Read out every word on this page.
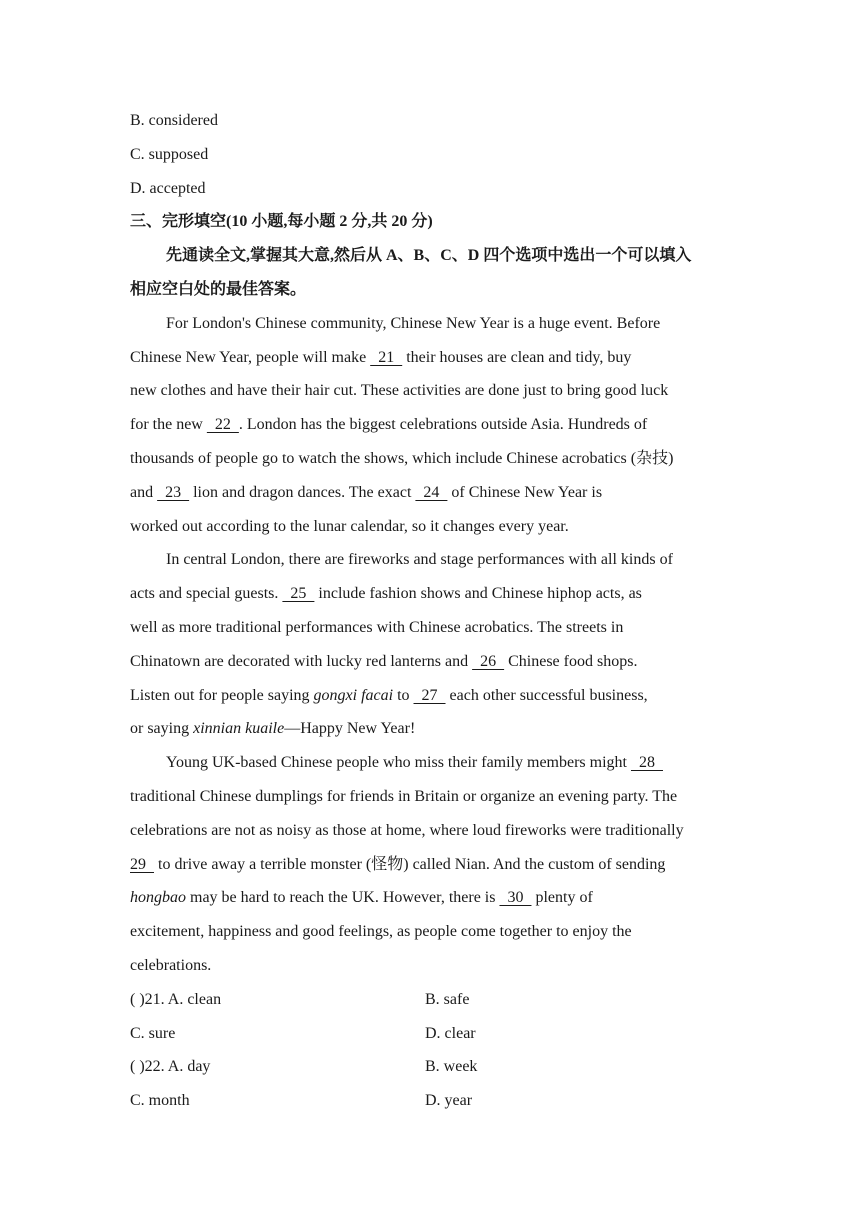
B. considered
C. supposed
D. accepted
三、完形填空(10 小题,每小题 2 分,共 20 分)
先通读全文,掌握其大意,然后从 A、B、C、D 四个选项中选出一个可以填入
相应空白处的最佳答案。
For London's Chinese community, Chinese New Year is a huge event. Before
Chinese New Year, people will make   21   their houses are clean and tidy, buy
new clothes and have their hair cut. These activities are done just to bring good luck
for the new   22  . London has the biggest celebrations outside Asia. Hundreds of
thousands of people go to watch the shows, which include Chinese acrobatics (杂技)
and   23   lion and dragon dances. The exact   24   of Chinese New Year is
worked out according to the lunar calendar, so it changes every year.
In central London, there are fireworks and stage performances with all kinds of
acts and special guests.   25   include fashion shows and Chinese hiphop acts, as
well as more traditional performances with Chinese acrobatics. The streets in
Chinatown are decorated with lucky red lanterns and   26   Chinese food shops.
Listen out for people saying gongxi facai to   27   each other successful business,
or saying xinnian kuaile—Happy New Year!
Young UK-based Chinese people who miss their family members might   28
traditional Chinese dumplings for friends in Britain or organize an evening party. The
celebrations are not as noisy as those at home, where loud fireworks were traditionally
29   to drive away a terrible monster (怪物) called Nian. And the custom of sending
hongbao may be hard to reach the UK. However, there is   30   plenty of
excitement, happiness and good feelings, as people come together to enjoy the
celebrations.
( )21. A. clean	B. safe
C. sure	D. clear
( )22. A. day	B. week
C. month	D. year
